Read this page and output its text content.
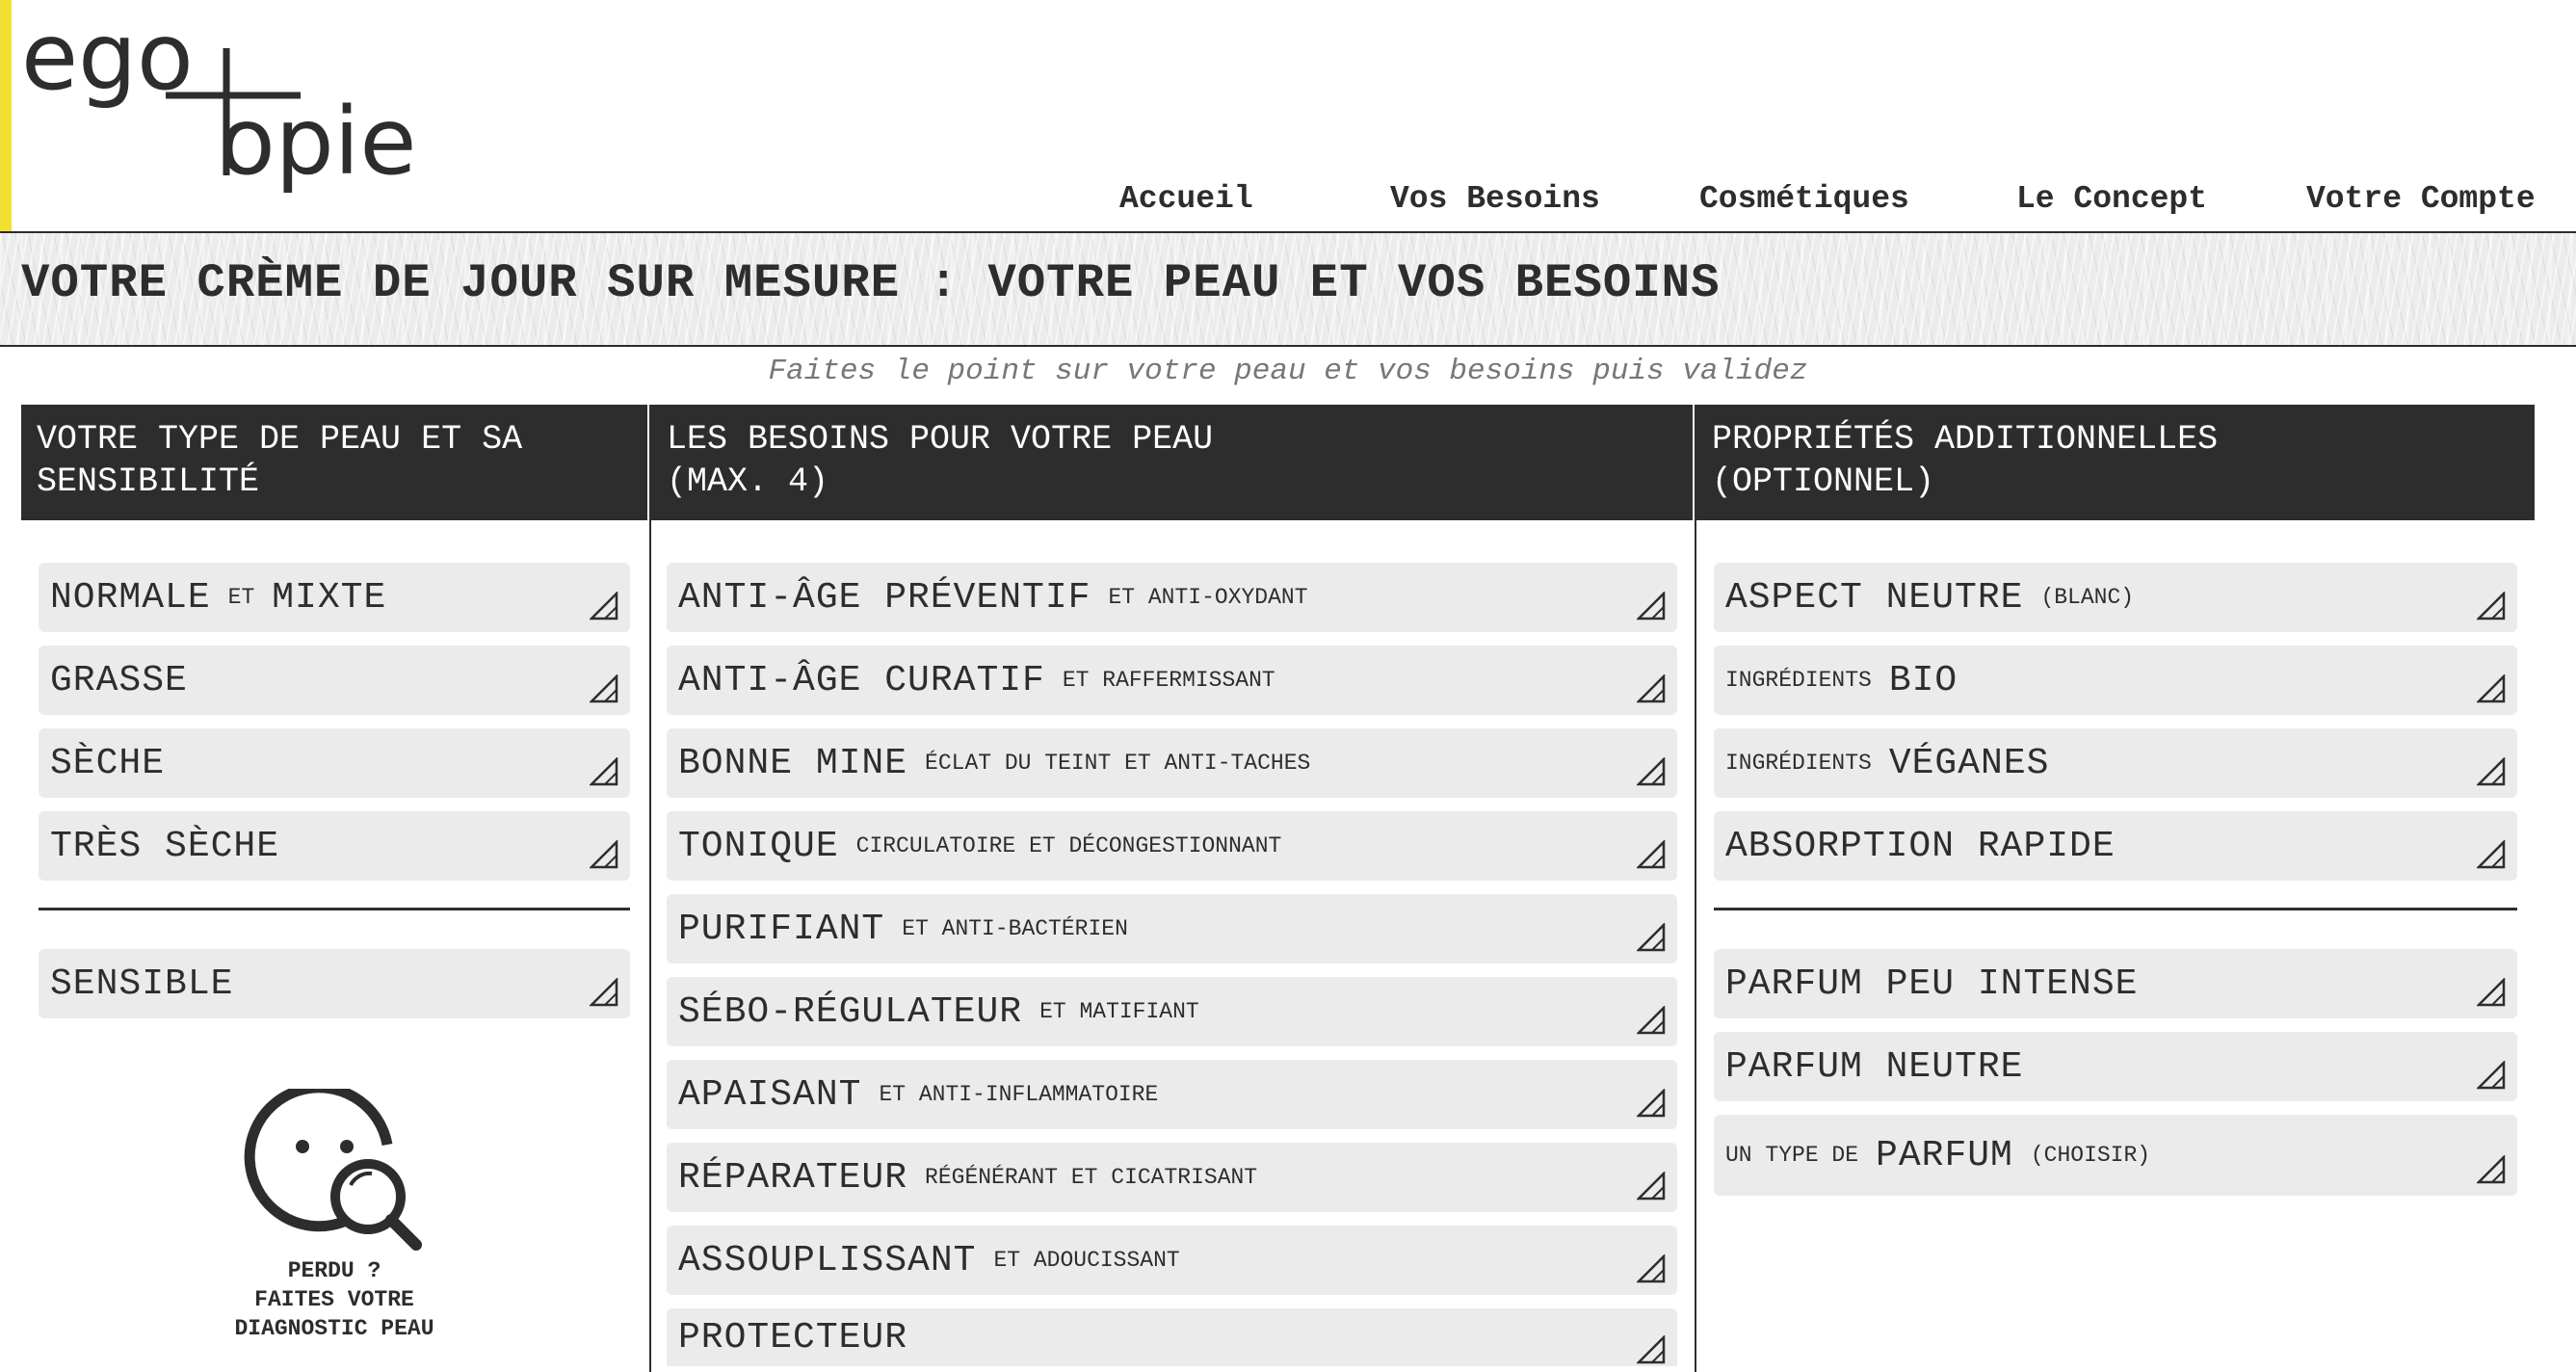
ego
opie
Accueil	Vos Besoins	Cosmétiques	Le Concept	Votre Compte
VOTRE CRÈME DE JOUR SUR MESURE : VOTRE PEAU ET VOS BESOINS
Faites le point sur votre peau et vos besoins puis validez
VOTRE TYPE DE PEAU ET SA
SENSIBILITÉ
NORMALE ET MIXTE
GRASSE
SÈCHE
TRÈS SÈCHE
SENSIBLE
PERDU ?
FAITES VOTRE
DIAGNOSTIC PEAU
LES BESOINS POUR VOTRE PEAU
(MAX. 4)
ANTI-ÂGE PRÉVENTIF ET ANTI-OXYDANT
ANTI-ÂGE CURATIF ET RAFFERMISSANT
BONNE MINE ÉCLAT DU TEINT ET ANTI-TACHES
TONIQUE CIRCULATOIRE ET DÉCONGESTIONNANT
PURIFIANT ET ANTI-BACTÉRIEN
SÉBO-RÉGULATEUR ET MATIFIANT
APAISANT ET ANTI-INFLAMMATOIRE
RÉPARATEUR RÉGÉNÉRANT ET CICATRISANT
ASSOUPLISSANT ET ADOUCISSANT
PROTECTEUR
PROPRIÉTÉS ADDITIONNELLES
(OPTIONNEL)
ASPECT NEUTRE (BLANC)
INGRÉDIENTS BIO
INGRÉDIENTS VÉGANES
ABSORPTION RAPIDE
PARFUM PEU INTENSE
PARFUM NEUTRE
UN TYPE DE PARFUM (CHOISIR)
